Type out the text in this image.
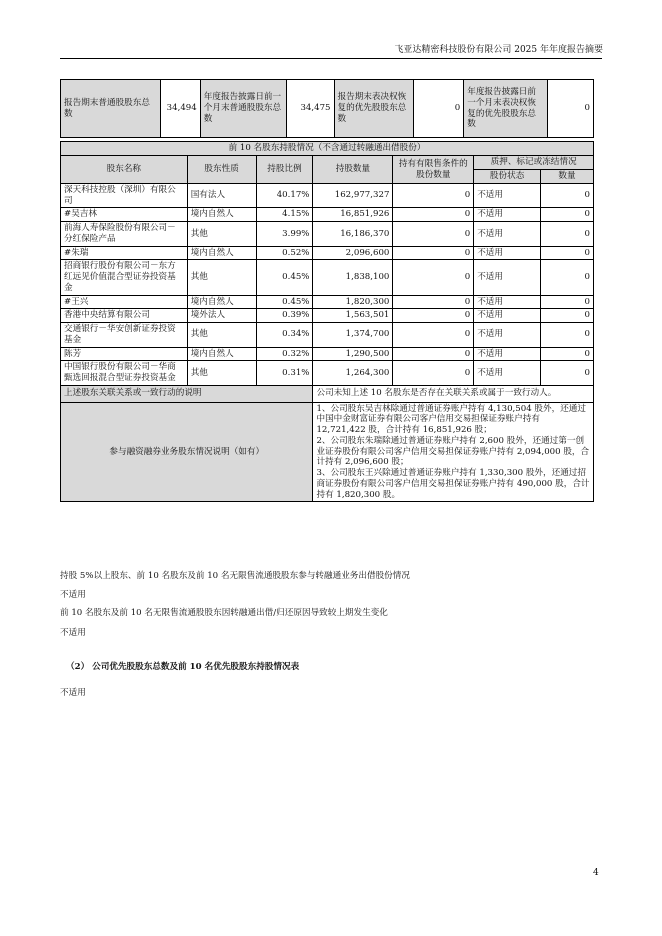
飞亚达精密科技股份有限公司 2025 年年度报告摘要
报告期末普通股股东总数	34,494	年度报告披露日前一个月末普通股股东总数	34,475	报告期末表决权恢复的优先股股东总数	0	年度报告披露日前一个月末表决权恢复的优先股股东总数	0
前 10 名股东持股情况（不含通过转融通出借股份）						
股东名称	股东性质	持股比例	持股数量	持有有限售条件的股份数量	质押、标记或冻结情况	
					股份状态	数量
深天科技控股（深圳）有限公司	国有法人	40.17%	162,977,327	0	不适用	0
#吴吉林	境内自然人	4.15%	16,851,926	0	不适用	0
前海人寿保险股份有限公司－分红保险产品	其他	3.99%	16,186,370	0	不适用	0
#朱瑞	境内自然人	0.52%	2,096,600	0	不适用	0
招商银行股份有限公司－东方红远见价值混合型证券投资基金	其他	0.45%	1,838,100	0	不适用	0
#王兴	境内自然人	0.45%	1,820,300	0	不适用	0
香港中央结算有限公司	境外法人	0.39%	1,563,501	0	不适用	0
交通银行－华安创新证券投资基金	其他	0.34%	1,374,700	0	不适用	0
陈芳	境内自然人	0.32%	1,290,500	0	不适用	0
中国银行股份有限公司－华商甄选回报混合型证券投资基金	其他	0.31%	1,264,300	0	不适用	0
上述股东关联关系或一致行动的说明			公司未知上述 10 名股东是否存在关联关系或属于一致行动人。			
参与融资融券业务股东情况说明（如有）			1、公司股东吴吉林除通过普通证券账户持有 4,130,504 股外，还通过中国中金财富证券有限公司客户信用交易担保证券账户持有 12,721,422 股，合计持有 16,851,926 股；
2、公司股东朱瑞除通过普通证券账户持有 2,600 股外，还通过第一创业证券股份有限公司客户信用交易担保证券账户持有 2,094,000 股，合计持有 2,096,600 股；
3、公司股东王兴除通过普通证券账户持有 1,330,300 股外，还通过招商证券股份有限公司客户信用交易担保证券账户持有 490,000 股，合计持有 1,820,300 股。			
持股 5%以上股东、前 10 名股东及前 10 名无限售流通股股东参与转融通业务出借股份情况
不适用
前 10 名股东及前 10 名无限售流通股股东因转融通出借/归还原因导致较上期发生变化
不适用
（2） 公司优先股股东总数及前 10 名优先股股东持股情况表
不适用
4
